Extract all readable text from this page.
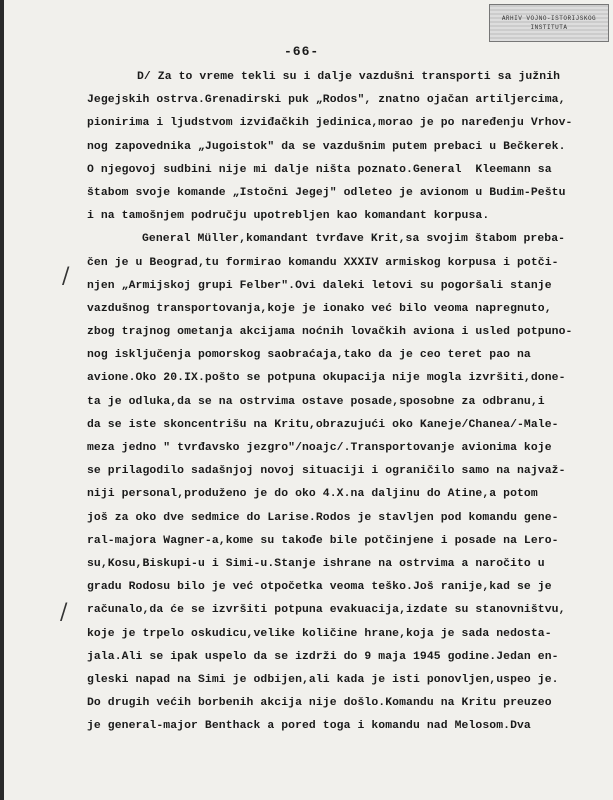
ARHIV VOJNO-ISTORIJSKOG INSTITUTA
-66-
/
/
D/ Za to vreme tekli su i dalje vazdušni transporti sa južnih
Jegejskih ostrva.Grenadirski puk „Rodos", znatno ojačan artiljercima,
pionirima i ljudstvom izviđačkih jedinica,morao je po naređenju Vrhov-
nog zapovednika „Jugoistok" da se vazdušnim putem prebaci u Bečkerek.
O njegovoj sudbini nije mi dalje ništa poznato.General  Kleemann sa
štabom svoje komande „Istočni Jegej" odleteo je avionom u Budim-Peštu
i na tamošnjem području upotrebljen kao komandant korpusa.
General Müller,komandant tvrđave Krit,sa svojim štabom preba-
čen je u Beograd,tu formirao komandu XXXIV armiskog korpusa i potči-
njen „Armijskoj grupi Felber".Ovi daleki letovi su pogoršali stanje
vazdušnog transportovanja,koje je ionako već bilo veoma napregnuto,
zbog trajnog ometanja akcijama noćnih lovačkih aviona i usled potpuno-
nog isključenja pomorskog saobraćaja,tako da je ceo teret pao na
avione.Oko 20.IX.pošto se potpuna okupacija nije mogla izvršiti,done-
ta je odluka,da se na ostrvima ostave posade,sposobne za odbranu,i
da se iste skoncentrišu na Kritu,obrazujući oko Kaneje/Chanea/-Male-
meza jedno " tvrđavsko jezgro"/noajc/.Transportovanje avionima koje
se prilagodilo sadašnjoj novoj situaciji i ograničilo samo na najvaž-
niji personal,produženo je do oko 4.X.na daljinu do Atine,a potom
još za oko dve sedmice do Larise.Rodos je stavljen pod komandu gene-
ral-majora Wagner-a,kome su takođe bile potčinjene i posade na Lero-
su,Kosu,Biskupi-u i Simi-u.Stanje ishrane na ostrvima a naročito u
gradu Rodosu bilo je već otpočetka veoma teško.Još ranije,kad se je
računalo,da će se izvršiti potpuna evakuacija,izdate su stanovništvu,
koje je trpelo oskudicu,velike količine hrane,koja je sada nedosta-
jala.Ali se ipak uspelo da se izdrži do 9 maja 1945 godine.Jedan en-
gleski napad na Simi je odbijen,ali kada je isti ponovljen,uspeo je.
Do drugih većih borbenih akcija nije došlo.Komandu na Kritu preuzeo
je general-major Benthack a pored toga i komandu nad Melosom.Dva
